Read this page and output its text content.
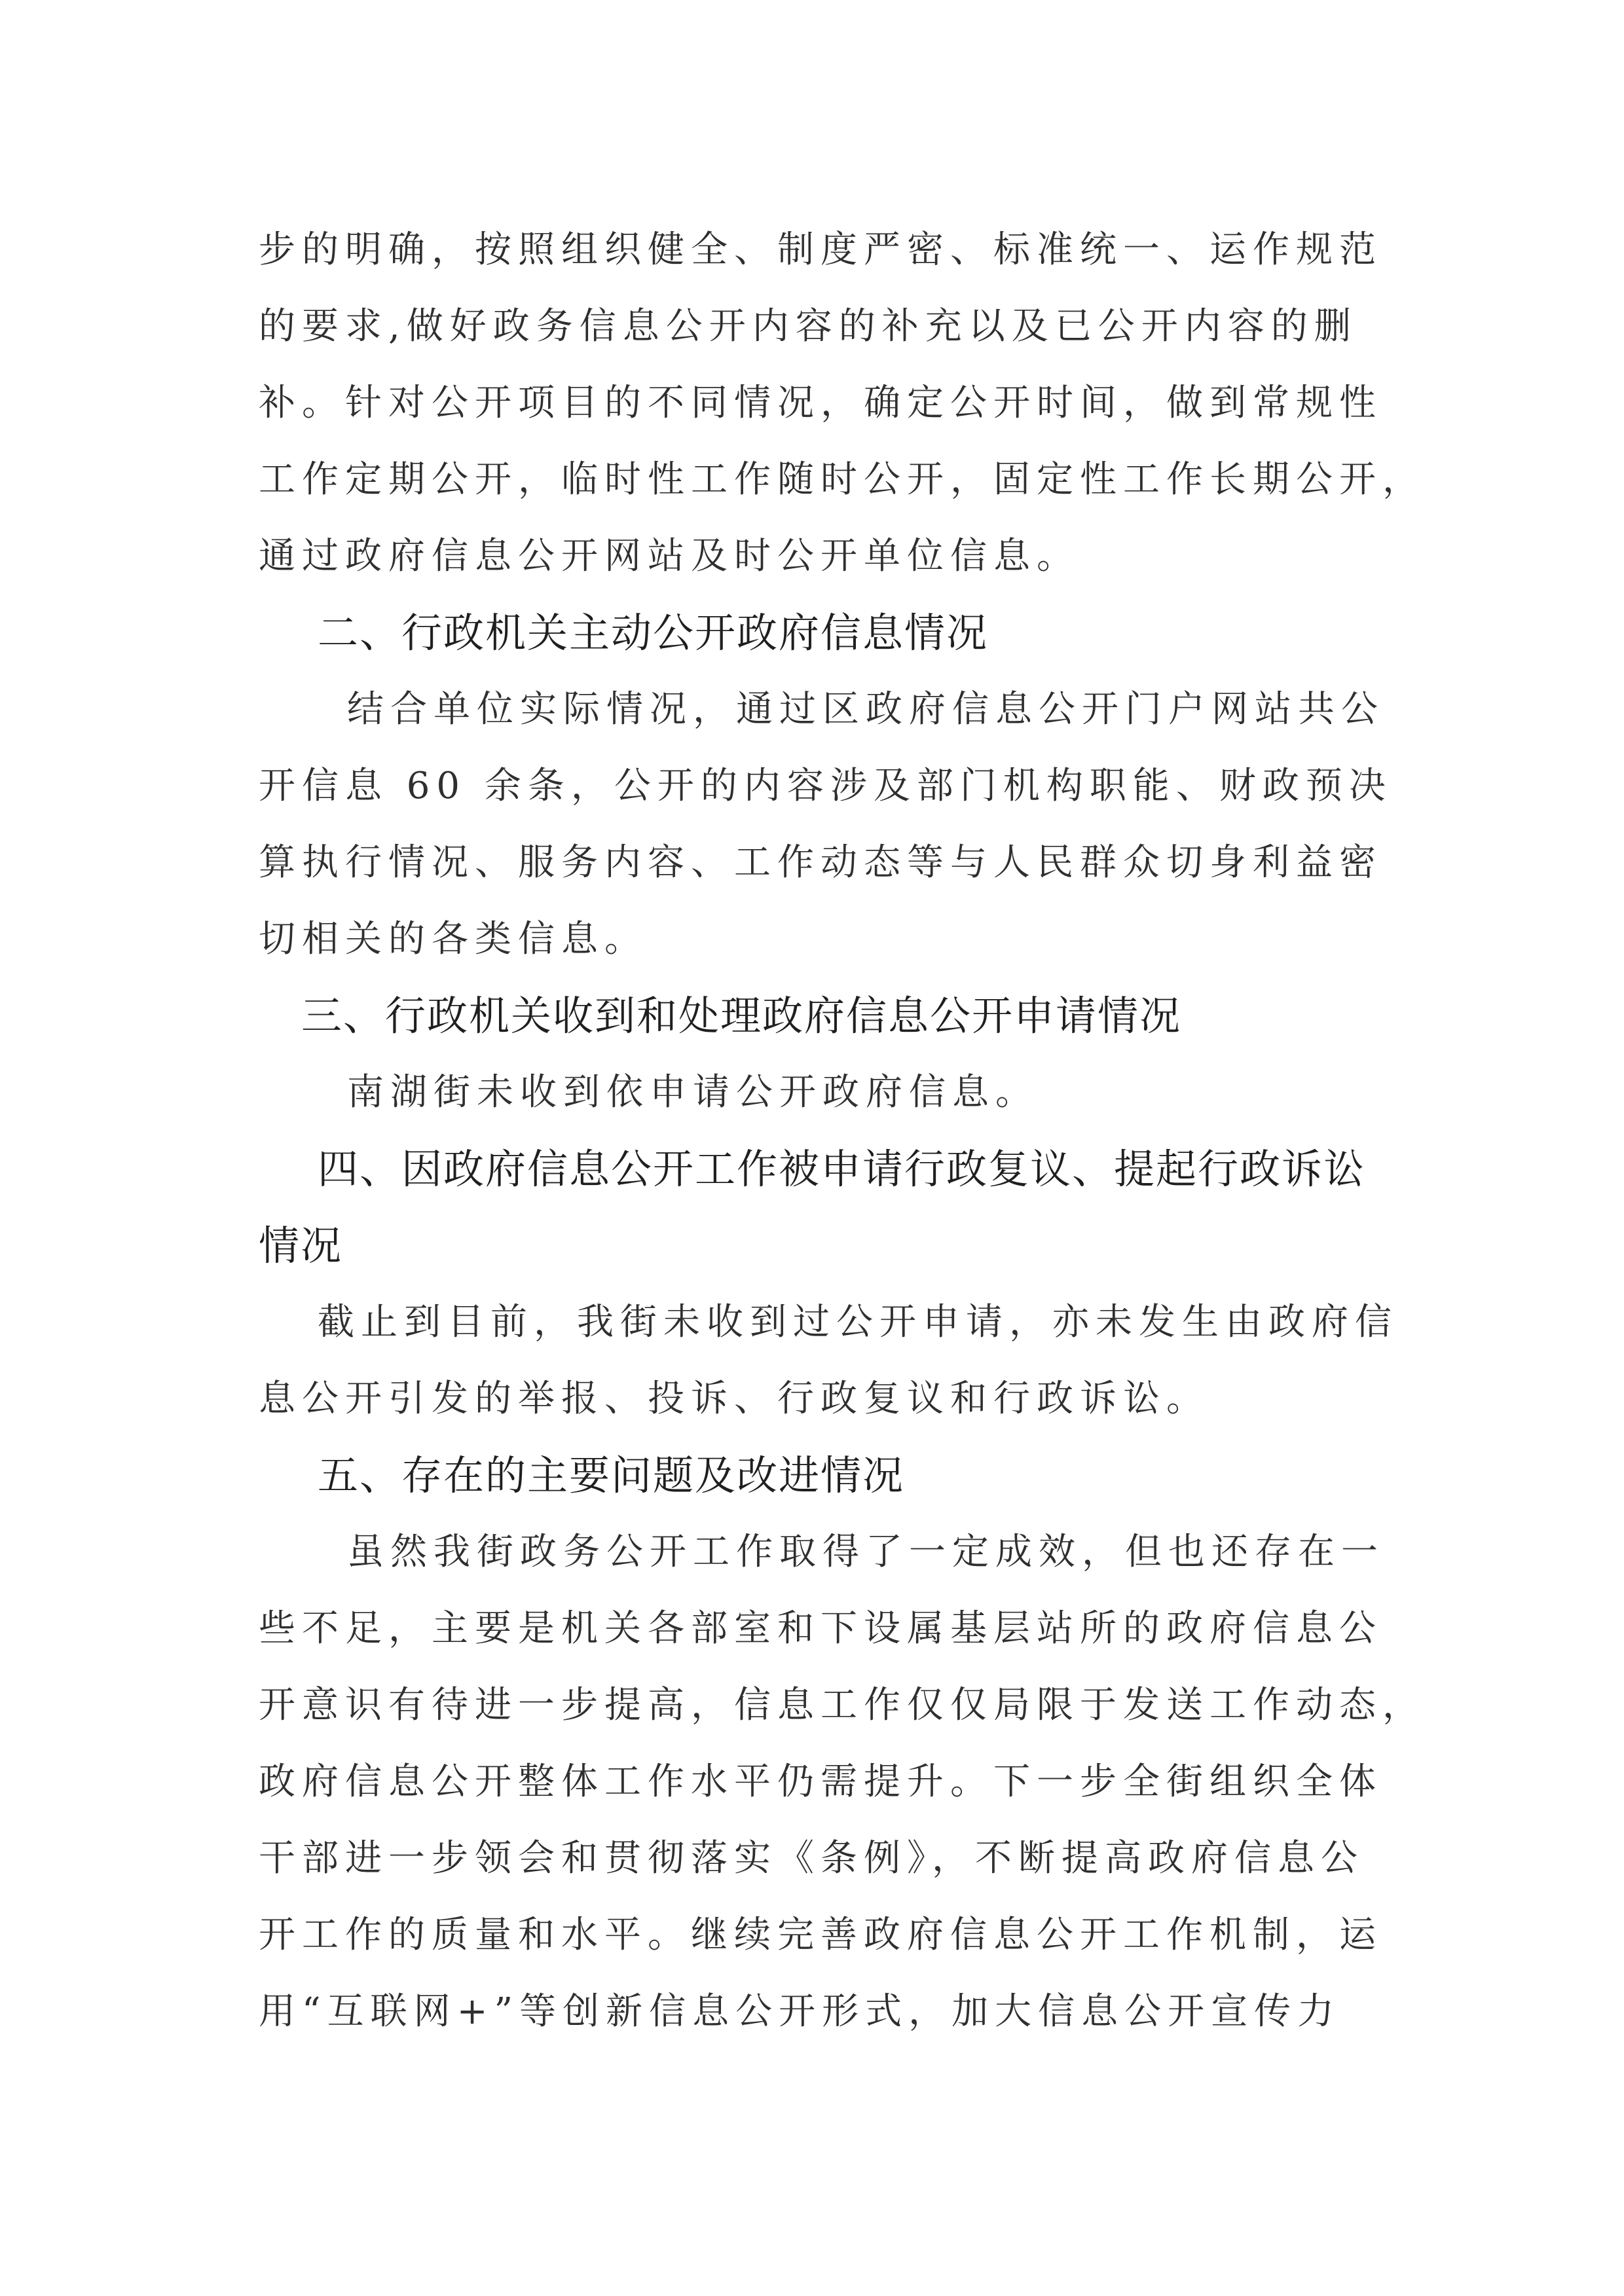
步的明确，按照组织健全、制度严密、标准统一、运作规范
的要求,做好政务信息公开内容的补充以及已公开内容的删
补。针对公开项目的不同情况，确定公开时间，做到常规性
工作定期公开，临时性工作随时公开，固定性工作长期公开，
通过政府信息公开网站及时公开单位信息。
二、行政机关主动公开政府信息情况
结合单位实际情况，通过区政府信息公开门户网站共公
开信息 60 余条，公开的内容涉及部门机构职能、财政预决
算执行情况、服务内容、工作动态等与人民群众切身利益密
切相关的各类信息。
三、行政机关收到和处理政府信息公开申请情况
南湖街未收到依申请公开政府信息。
四、因政府信息公开工作被申请行政复议、提起行政诉讼
情况
截止到目前，我街未收到过公开申请，亦未发生由政府信
息公开引发的举报、投诉、行政复议和行政诉讼。
五、存在的主要问题及改进情况
虽然我街政务公开工作取得了一定成效，但也还存在一
些不足，主要是机关各部室和下设属基层站所的政府信息公
开意识有待进一步提高，信息工作仅仅局限于发送工作动态，
政府信息公开整体工作水平仍需提升。下一步全街组织全体
干部进一步领会和贯彻落实《条例》，不断提高政府信息公
开工作的质量和水平。继续完善政府信息公开工作机制，运
用“互联网+”等创新信息公开形式，加大信息公开宣传力
